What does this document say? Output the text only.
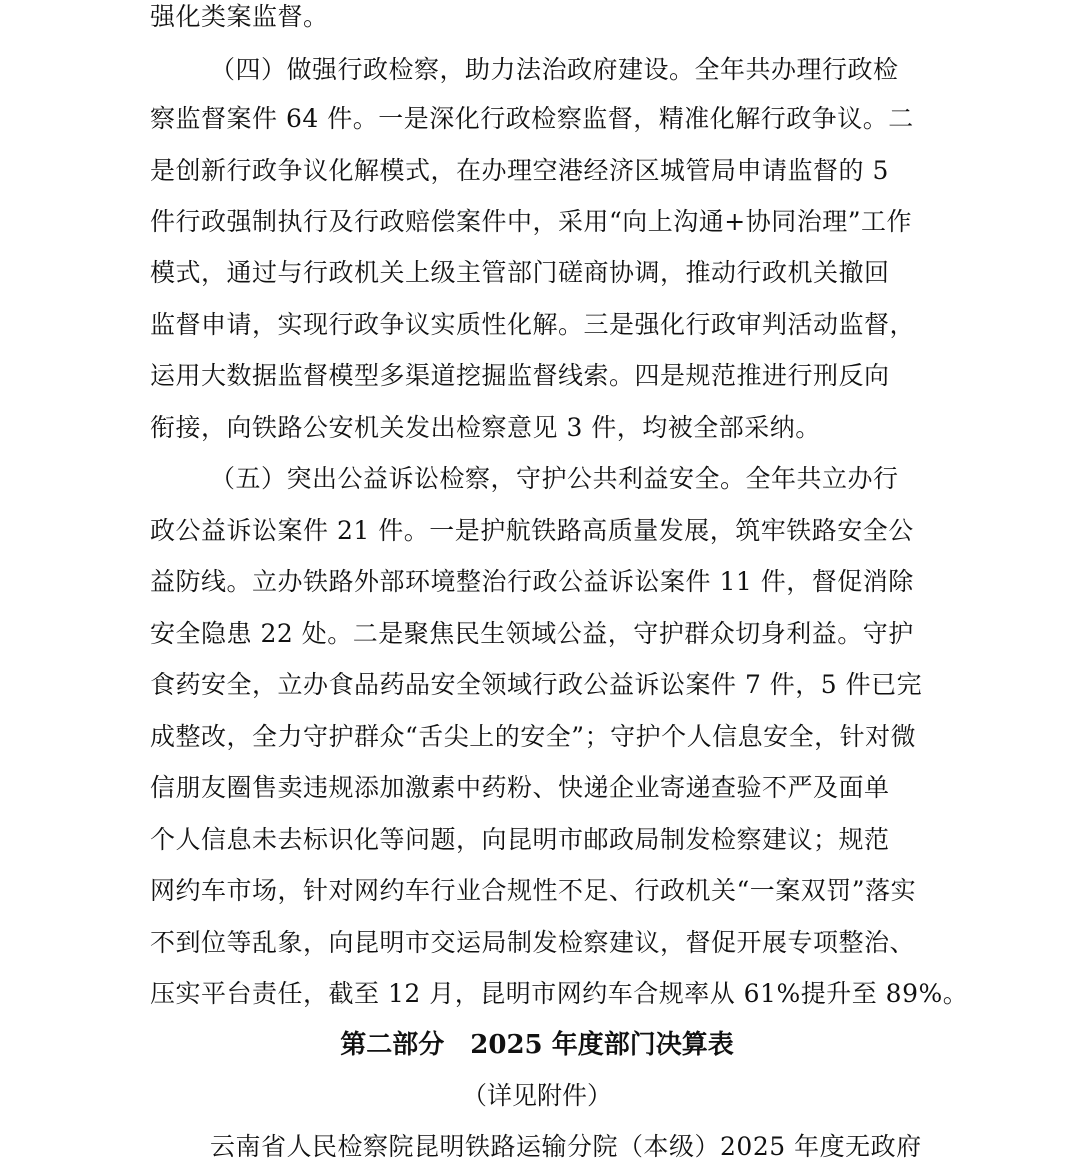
强化类案监督。
（四）做强行政检察，助力法治政府建设。全年共办理行政检
察监督案件 64 件。一是深化行政检察监督，精准化解行政争议。二
是创新行政争议化解模式，在办理空港经济区城管局申请监督的 5
件行政强制执行及行政赔偿案件中，采用“向上沟通+协同治理”工作
模式，通过与行政机关上级主管部门磋商协调，推动行政机关撤回
监督申请，实现行政争议实质性化解。三是强化行政审判活动监督，
运用大数据监督模型多渠道挖掘监督线索。四是规范推进行刑反向
衔接，向铁路公安机关发出检察意见 3 件，均被全部采纳。
（五）突出公益诉讼检察，守护公共利益安全。全年共立办行
政公益诉讼案件 21 件。一是护航铁路高质量发展，筑牢铁路安全公
益防线。立办铁路外部环境整治行政公益诉讼案件 11 件，督促消除
安全隐患 22 处。二是聚焦民生领域公益，守护群众切身利益。守护
食药安全，立办食品药品安全领域行政公益诉讼案件 7 件，5 件已完
成整改，全力守护群众“舌尖上的安全”；守护个人信息安全，针对微
信朋友圈售卖违规添加激素中药粉、快递企业寄递查验不严及面单
个人信息未去标识化等问题，向昆明市邮政局制发检察建议；规范
网约车市场，针对网约车行业合规性不足、行政机关“一案双罚”落实
不到位等乱象，向昆明市交运局制发检察建议，督促开展专项整治、
压实平台责任，截至 12 月，昆明市网约车合规率从 61%提升至 89%。
第二部分　2025 年度部门决算表
（详见附件）
云南省人民检察院昆明铁路运输分院（本级）2025 年度无政府
